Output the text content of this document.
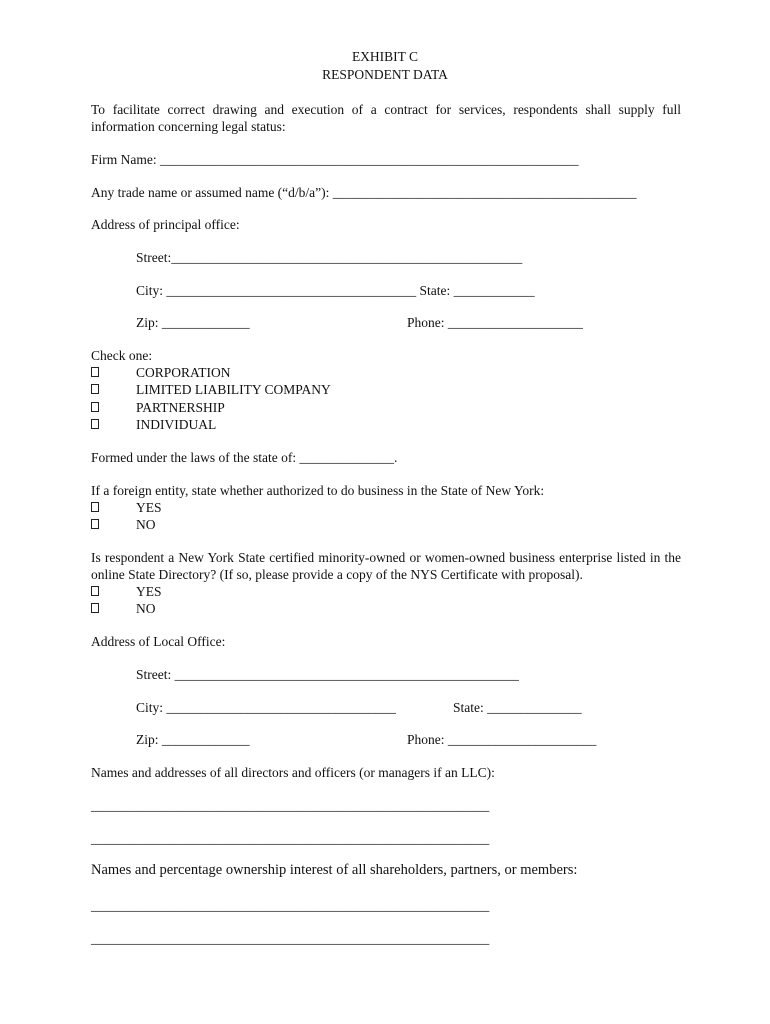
EXHIBIT C
RESPONDENT DATA
To facilitate correct drawing and execution of a contract for services, respondents shall supply full information concerning legal status:
Firm Name: ______________________________________________________________
Any trade name or assumed name (“d/b/a”): _____________________________________________
Address of principal office:
Street:____________________________________________________
City: _____________________________________ State: ____________
Zip: _____________	Phone: ____________________
Check one:
CORPORATION
LIMITED LIABILITY COMPANY
PARTNERSHIP
INDIVIDUAL
Formed under the laws of the state of: ______________.
If a foreign entity, state whether authorized to do business in the State of New York:
YES
NO
Is respondent a New York State certified minority-owned or women-owned business enterprise listed in the online State Directory? (If so, please provide a copy of the NYS Certificate with proposal).
YES
NO
Address of Local Office:
Street: ___________________________________________________
City: __________________________________	State: ______________
Zip: _____________	Phone: ______________________
Names and addresses of all directors and officers (or managers if an LLC):
___________________________________________________________
___________________________________________________________
Names and percentage ownership interest of all shareholders, partners, or members:
___________________________________________________________
___________________________________________________________
